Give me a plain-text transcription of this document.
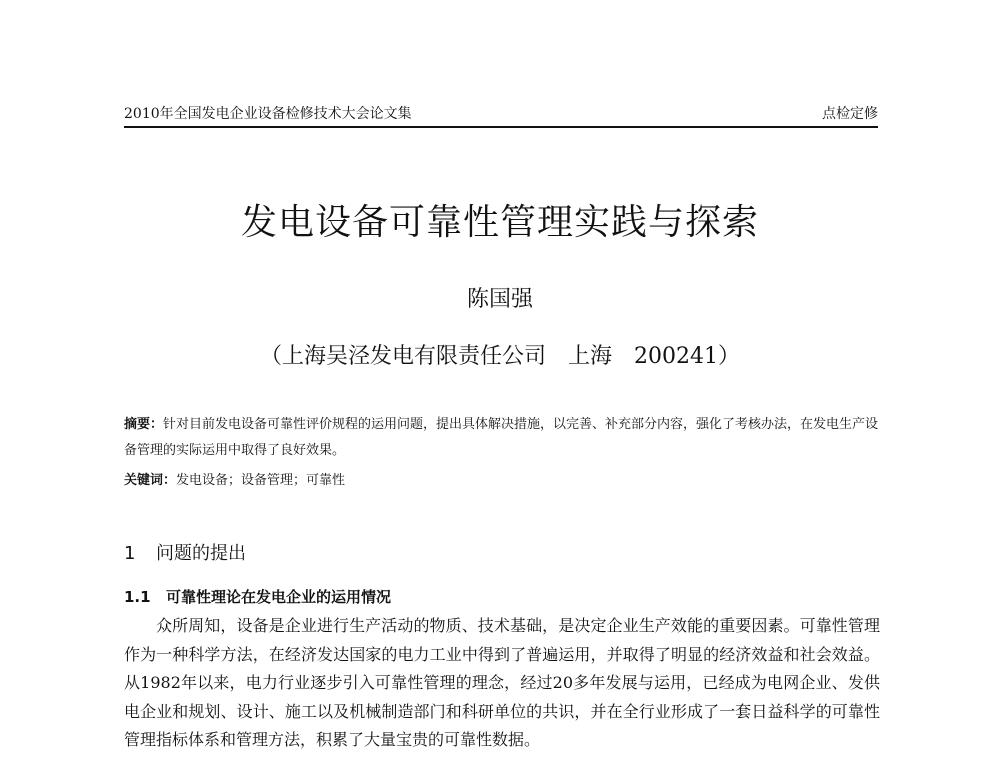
2010年全国发电企业设备检修技术大会论文集	点检定修
发电设备可靠性管理实践与探索
陈国强
（上海吴泾发电有限责任公司　上海　200241）
摘要：针对目前发电设备可靠性评价规程的运用问题，提出具体解决措施，以完善、补充部分内容，强化了考核办法，在发电生产设备管理的实际运用中取得了良好效果。
关键词：发电设备；设备管理；可靠性
1 问题的提出
1.1 可靠性理论在发电企业的运用情况
众所周知，设备是企业进行生产活动的物质、技术基础，是决定企业生产效能的重要因素。可靠性管理作为一种科学方法，在经济发达国家的电力工业中得到了普遍运用，并取得了明显的经济效益和社会效益。从1982年以来，电力行业逐步引入可靠性管理的理念，经过20多年发展与运用，已经成为电网企业、发供电企业和规划、设计、施工以及机械制造部门和科研单位的共识，并在全行业形成了一套日益科学的可靠性管理指标体系和管理方法，积累了大量宝贵的可靠性数据。
